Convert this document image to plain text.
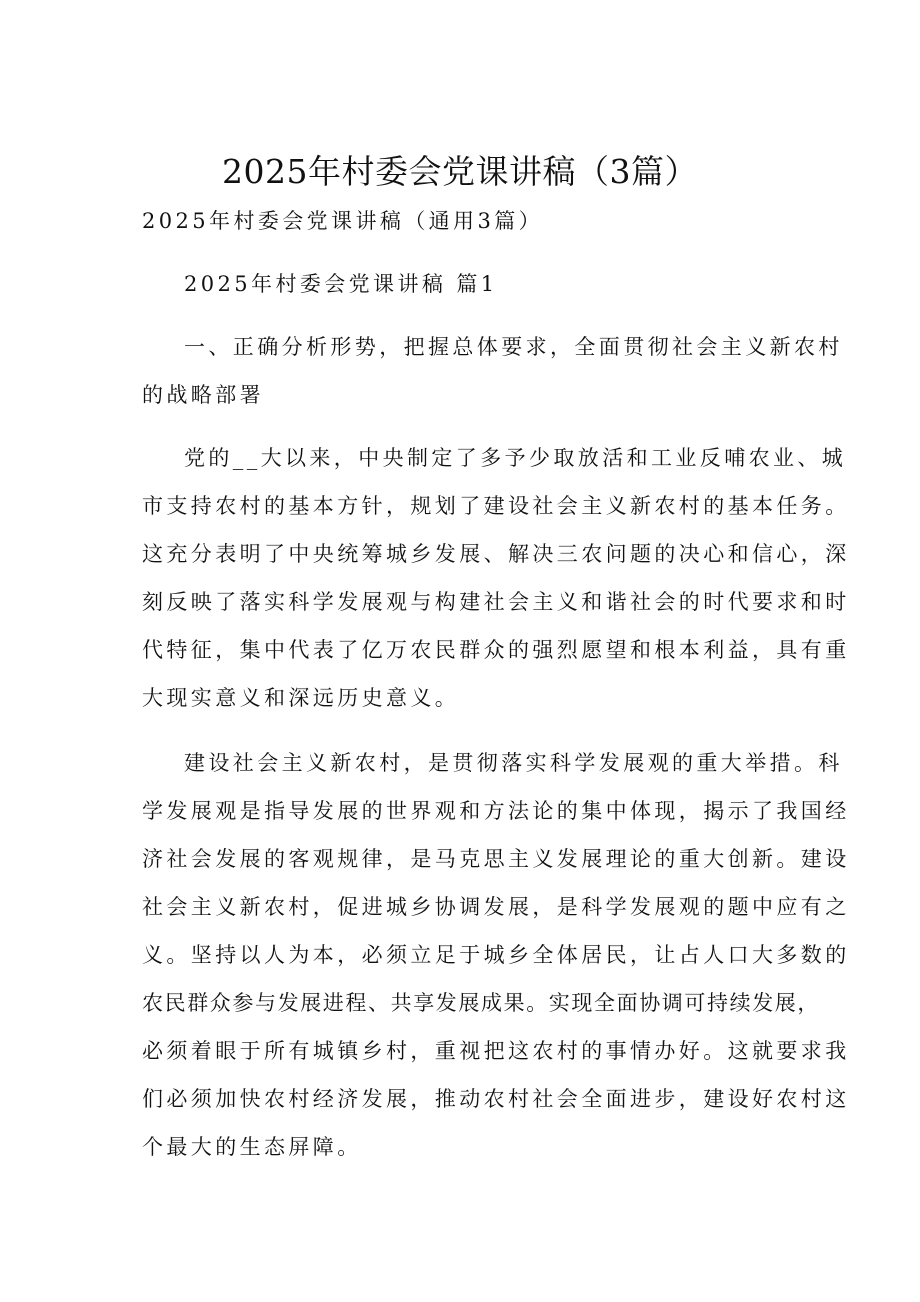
2025年村委会党课讲稿（3篇）
2025年村委会党课讲稿（通用3篇）
2025年村委会党课讲稿 篇1
一、正确分析形势，把握总体要求，全面贯彻社会主义新农村
的战略部署
党的__大以来，中央制定了多予少取放活和工业反哺农业、城
市支持农村的基本方针，规划了建设社会主义新农村的基本任务。
这充分表明了中央统筹城乡发展、解决三农问题的决心和信心，深
刻反映了落实科学发展观与构建社会主义和谐社会的时代要求和时
代特征，集中代表了亿万农民群众的强烈愿望和根本利益，具有重
大现实意义和深远历史意义。
建设社会主义新农村，是贯彻落实科学发展观的重大举措。科
学发展观是指导发展的世界观和方法论的集中体现，揭示了我国经
济社会发展的客观规律，是马克思主义发展理论的重大创新。建设
社会主义新农村，促进城乡协调发展，是科学发展观的题中应有之
义。坚持以人为本，必须立足于城乡全体居民，让占人口大多数的
农民群众参与发展进程、共享发展成果。实现全面协调可持续发展，
必须着眼于所有城镇乡村，重视把这农村的事情办好。这就要求我
们必须加快农村经济发展，推动农村社会全面进步，建设好农村这
个最大的生态屏障。
